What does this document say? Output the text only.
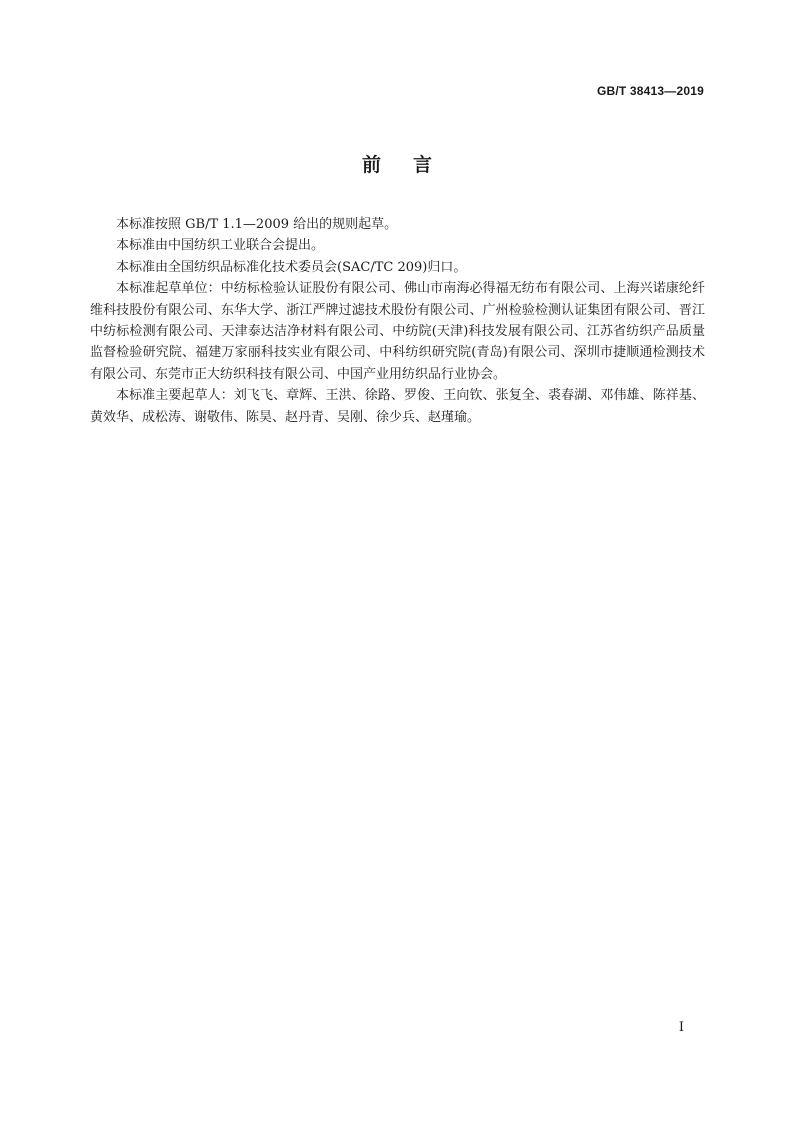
GB/T 38413—2019
前言

本标准按照 GB/T 1.1—2009 给出的规则起草。

本标准由中国纺织工业联合会提出。

本标准由全国纺织品标准化技术委员会(SAC/TC 209)归口。

本标准起草单位：中纺标检验认证股份有限公司、佛山市南海必得福无纺布有限公司、上海兴诺康纶纤维科技股份有限公司、东华大学、浙江严牌过滤技术股份有限公司、广州检验检测认证集团有限公司、晋江中纺标检测有限公司、天津泰达洁净材料有限公司、中纺院(天津)科技发展有限公司、江苏省纺织产品质量监督检验研究院、福建万家丽科技实业有限公司、中科纺织研究院(青岛)有限公司、深圳市捷顺通检测技术有限公司、东莞市正大纺织科技有限公司、中国产业用纺织品行业协会。

本标准主要起草人：刘飞飞、章辉、王洪、徐路、罗俊、王向钦、张复全、裘春湖、邓伟雄、陈祥基、黄效华、成松涛、谢敬伟、陈昊、赵丹青、吴刚、徐少兵、赵瑾瑜。

I
